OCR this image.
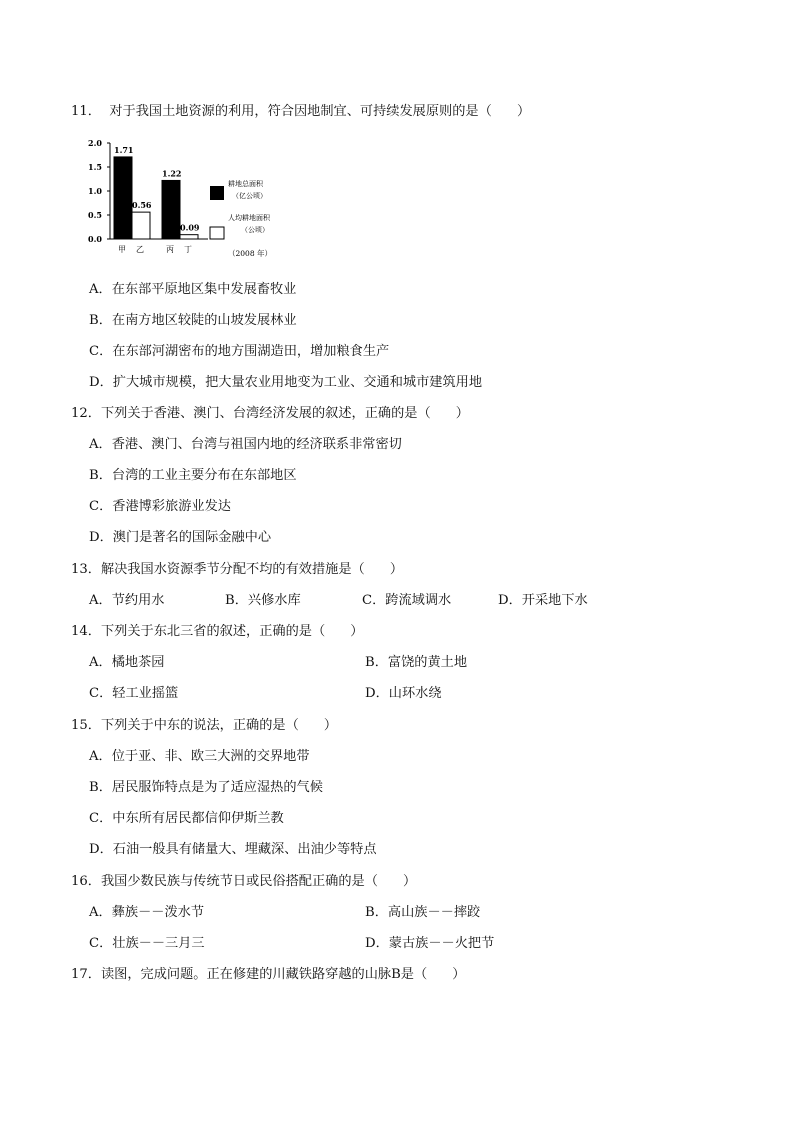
11．  对于我国土地资源的利用，符合因地制宜、可持续发展原则的是（      ）
2.0
1.5
1.0
0.5
0.0
1.71
0.56
1.22
0.09
甲 乙	丙 丁
耕地总面积
（亿公顷）
人均耕地面积
（公顷）
（2008 年）
A．在东部平原地区集中发展畜牧业
B．在南方地区较陡的山坡发展林业
C．在东部河湖密布的地方围湖造田，增加粮食生产
D．扩大城市规模，把大量农业用地变为工业、交通和城市建筑用地
12．下列关于香港、澳门、台湾经济发展的叙述，正确的是（      ）
A．香港、澳门、台湾与祖国内地的经济联系非常密切
B．台湾的工业主要分布在东部地区
C．香港博彩旅游业发达
D．澳门是著名的国际金融中心
13．解决我国水资源季节分配不均的有效措施是（      ）
A．节约用水	B．兴修水库	C．跨流域调水	D．开采地下水
14．下列关于东北三省的叙述，正确的是（      ）
A．橘地茶园	B．富饶的黄土地
C．轻工业摇篮	D．山环水绕
15．下列关于中东的说法，正确的是（      ）
A．位于亚、非、欧三大洲的交界地带
B．居民服饰特点是为了适应湿热的气候
C．中东所有居民都信仰伊斯兰教
D．石油一般具有储量大、埋藏深、出油少等特点
16．我国少数民族与传统节日或民俗搭配正确的是（      ）
A．彝族－－泼水节	B．高山族－－摔跤
C．壮族－－三月三	D．蒙古族－－火把节
17．读图，完成问题。正在修建的川藏铁路穿越的山脉B是（      ）
